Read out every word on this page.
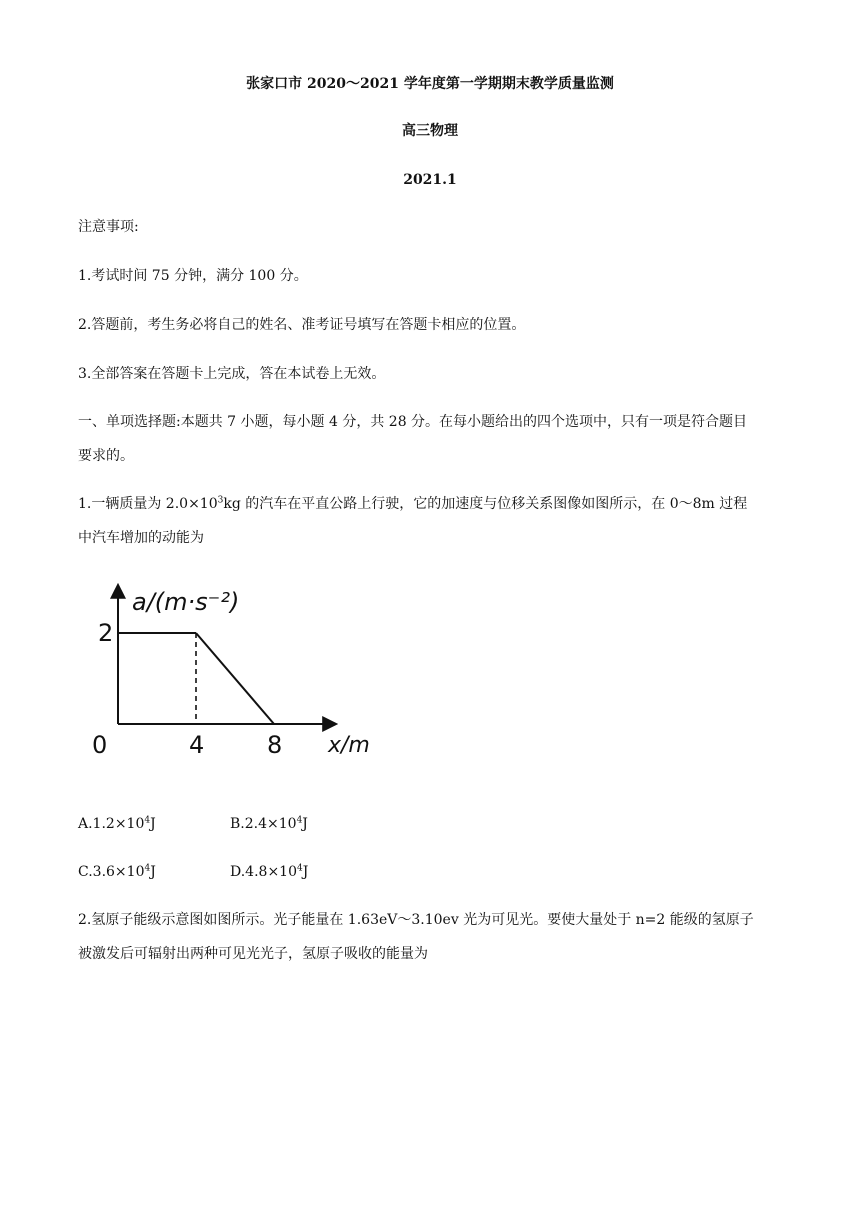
张家口市 2020～2021 学年度第一学期期末教学质量监测
高三物理
2021.1
注意事项:
1.考试时间 75 分钟，满分 100 分。
2.答题前，考生务必将自己的姓名、准考证号填写在答题卡相应的位置。
3.全部答案在答题卡上完成，答在本试卷上无效。
一、单项选择题:本题共 7 小题，每小题 4 分，共 28 分。在每小题给出的四个选项中，只有一项是符合题目
要求的。
1.一辆质量为 $2.0\times 10^3kg$ 的汽车在平直公路上行驶，它的加速度与位移关系图像如图所示，在 0～8m 过程
中汽车增加的动能为
a/(m·s⁻²)
x/m
0	4	8
2
$A.1.2\times 10^4J$	$B.2.4\times 10^4J$
$C.3.6\times 10^4J$	$D.4.8\times 10^4J$
2.氢原子能级示意图如图所示。光子能量在 1.63eV～3.10ev 光为可见光。要使大量处于 n=2 能级的氢原子
被激发后可辐射出两种可见光光子，氢原子吸收的能量为
